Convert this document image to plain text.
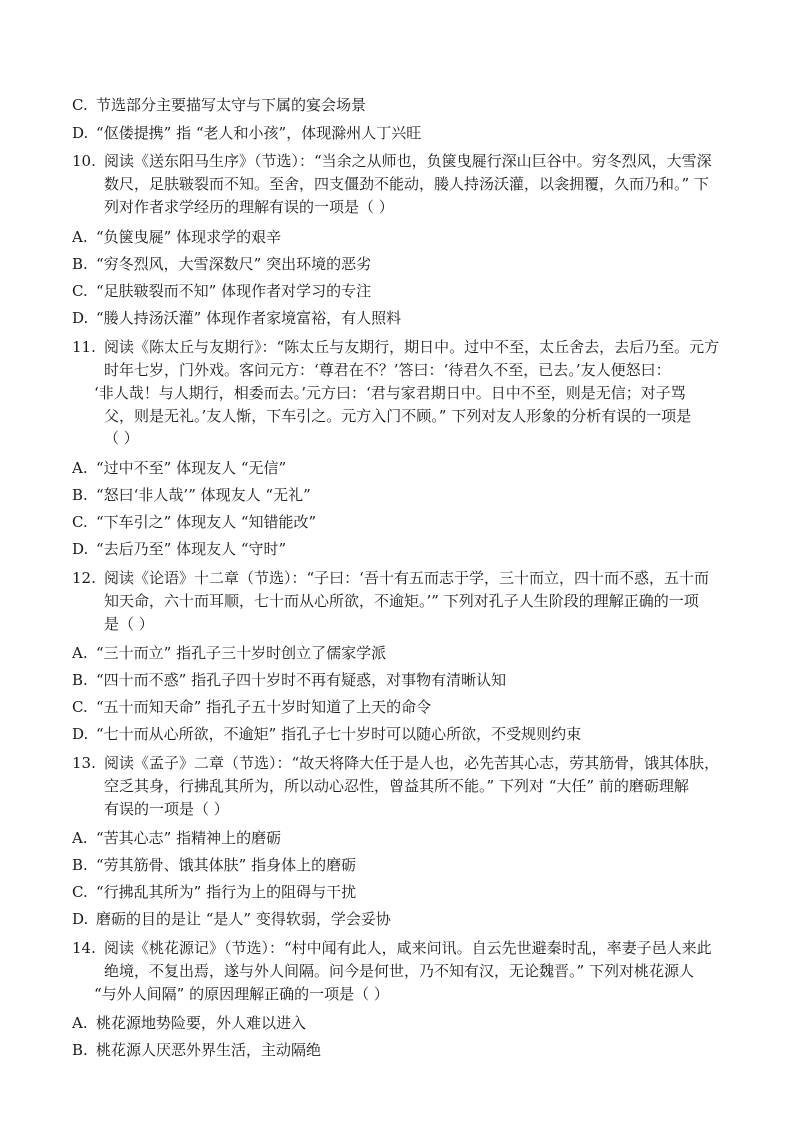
C. 节选部分主要描写太守与下属的宴会场景
D. “伛偻提携” 指 “老人和小孩”，体现滁州人丁兴旺
10. 阅读《送东阳马生序》（节选）：“当余之从师也，负箧曳屣行深山巨谷中。穷冬烈风，大雪深
数尺，足肤皲裂而不知。至舍，四支僵劲不能动，媵人持汤沃灌，以衾拥覆，久而乃和。” 下
列对作者求学经历的理解有误的一项是（ ）
A. “负箧曳屣” 体现求学的艰辛
B. “穷冬烈风，大雪深数尺” 突出环境的恶劣
C. “足肤皲裂而不知” 体现作者对学习的专注
D. “媵人持汤沃灌” 体现作者家境富裕，有人照料
11. 阅读《陈太丘与友期行》：“陈太丘与友期行，期日中。过中不至，太丘舍去，去后乃至。元方
时年七岁，门外戏。客问元方：‘尊君在不？’答曰：‘待君久不至，已去。’友人便怒曰：
‘非人哉！与人期行，相委而去。’元方曰：‘君与家君期日中。日中不至，则是无信；对子骂
父，则是无礼。’友人惭，下车引之。元方入门不顾。” 下列对友人形象的分析有误的一项是
（ ）
A. “过中不至” 体现友人 “无信”
B. “怒曰‘非人哉’” 体现友人 “无礼”
C. “下车引之” 体现友人 “知错能改”
D. “去后乃至” 体现友人 “守时”
12. 阅读《论语》十二章（节选）：“子曰：‘吾十有五而志于学，三十而立，四十而不惑，五十而
知天命，六十而耳顺，七十而从心所欲，不逾矩。’” 下列对孔子人生阶段的理解正确的一项
是（ ）
A. “三十而立” 指孔子三十岁时创立了儒家学派
B. “四十而不惑” 指孔子四十岁时不再有疑惑，对事物有清晰认知
C. “五十而知天命” 指孔子五十岁时知道了上天的命令
D. “七十而从心所欲，不逾矩” 指孔子七十岁时可以随心所欲，不受规则约束
13. 阅读《孟子》二章（节选）：“故天将降大任于是人也，必先苦其心志，劳其筋骨，饿其体肤，
空乏其身，行拂乱其所为，所以动心忍性，曾益其所不能。” 下列对 “大任” 前的磨砺理解
有误的一项是（ ）
A. “苦其心志” 指精神上的磨砺
B. “劳其筋骨、饿其体肤” 指身体上的磨砺
C. “行拂乱其所为” 指行为上的阻碍与干扰
D. 磨砺的目的是让 “是人” 变得软弱，学会妥协
14. 阅读《桃花源记》（节选）：“村中闻有此人，咸来问讯。自云先世避秦时乱，率妻子邑人来此
绝境，不复出焉，遂与外人间隔。问今是何世，乃不知有汉，无论魏晋。” 下列对桃花源人
“与外人间隔” 的原因理解正确的一项是（ ）
A. 桃花源地势险要，外人难以进入
B. 桃花源人厌恶外界生活，主动隔绝
